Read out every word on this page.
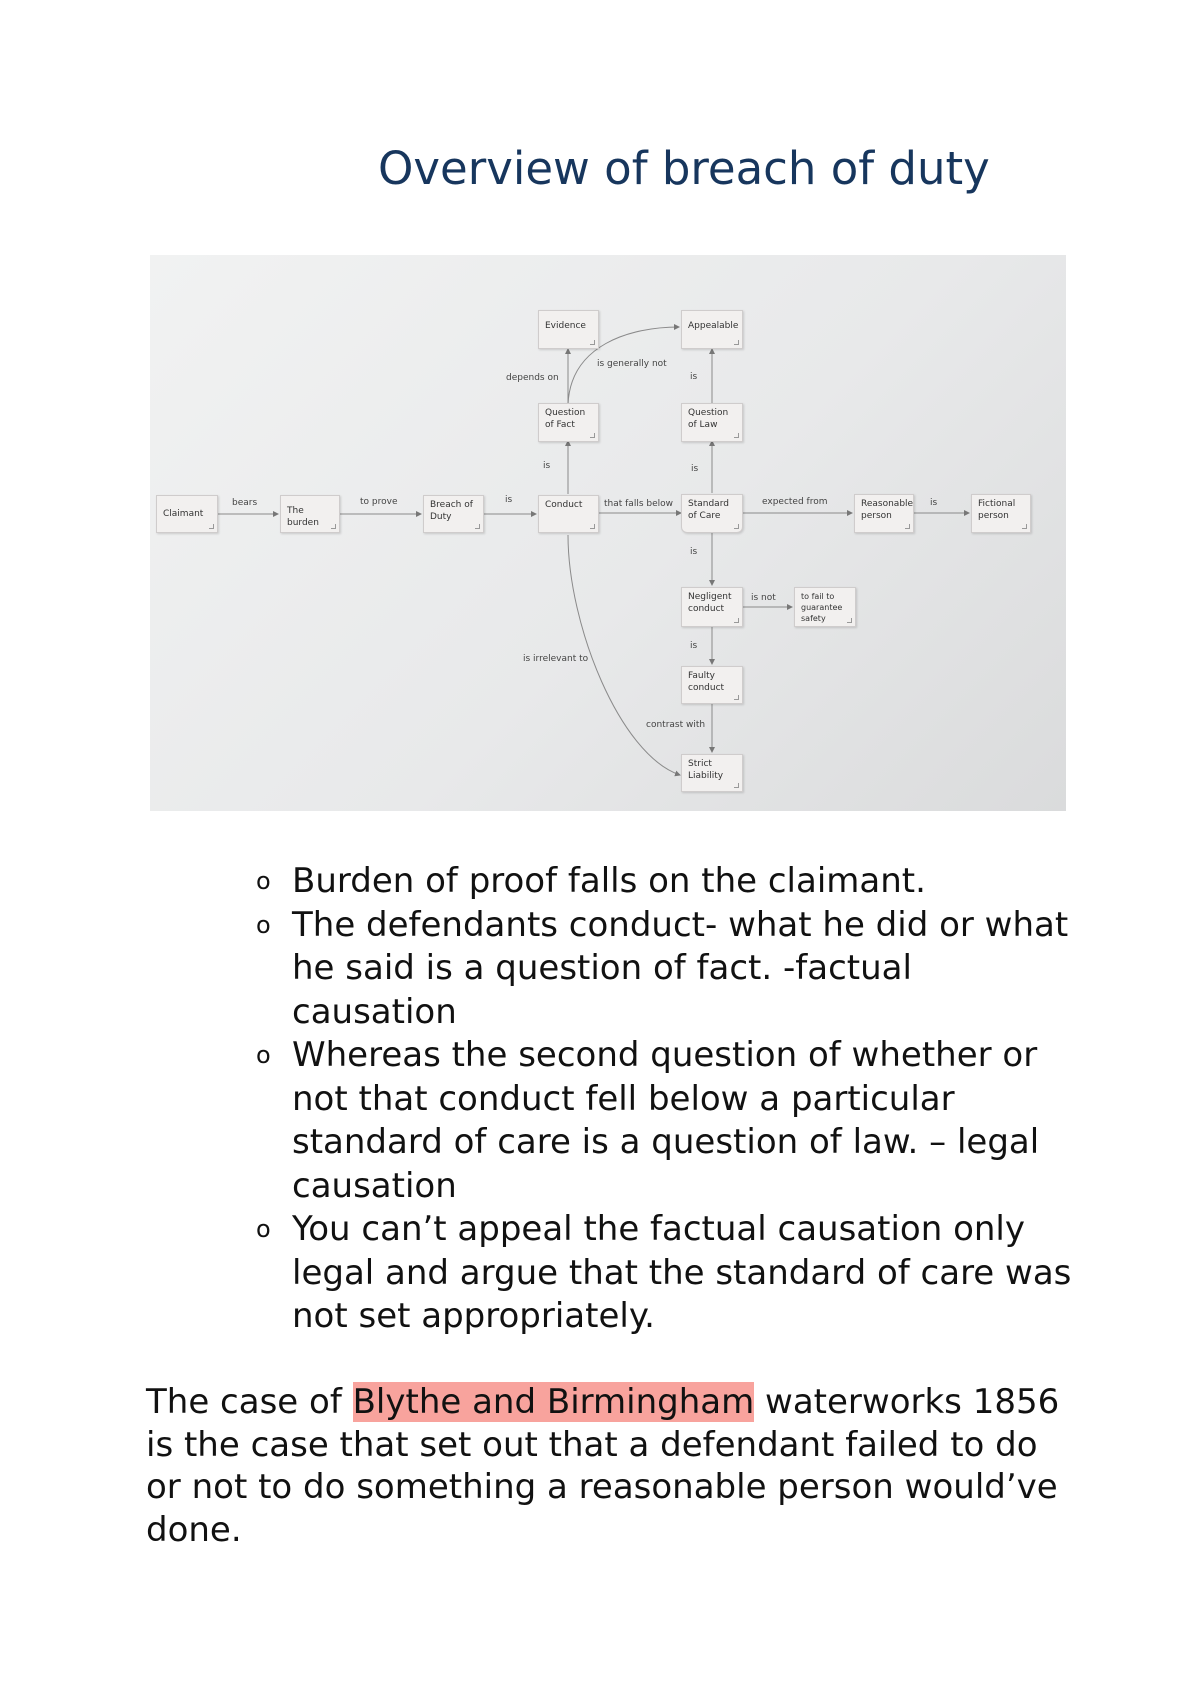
Overview of breach of duty
Claimant	The burden
Breach of Duty
Conduct
Evidence
Question of Fact
Appealable
Question of Law
Standard of Care
Reasonable person
Fictional person
Negligent conduct
to fail to guarantee safety
Faulty conduct
Strict Liability
bears	to prove	is
depends on
is generally not
is
is
is
that falls below	expected from	is
is
is not
is
is irrelevant to
contrast with
o Burden of proof falls on the claimant.
o The defendants conduct- what he did or what he said is a question of fact. -factual causation
o Whereas the second question of whether or not that conduct fell below a particular standard of care is a question of law. – legal causation
o You can’t appeal the factual causation only legal and argue that the standard of care was not set appropriately.

The case of Blythe and Birmingham waterworks 1856 is the case that set out that a defendant failed to do or not to do something a reasonable person would’ve done.
